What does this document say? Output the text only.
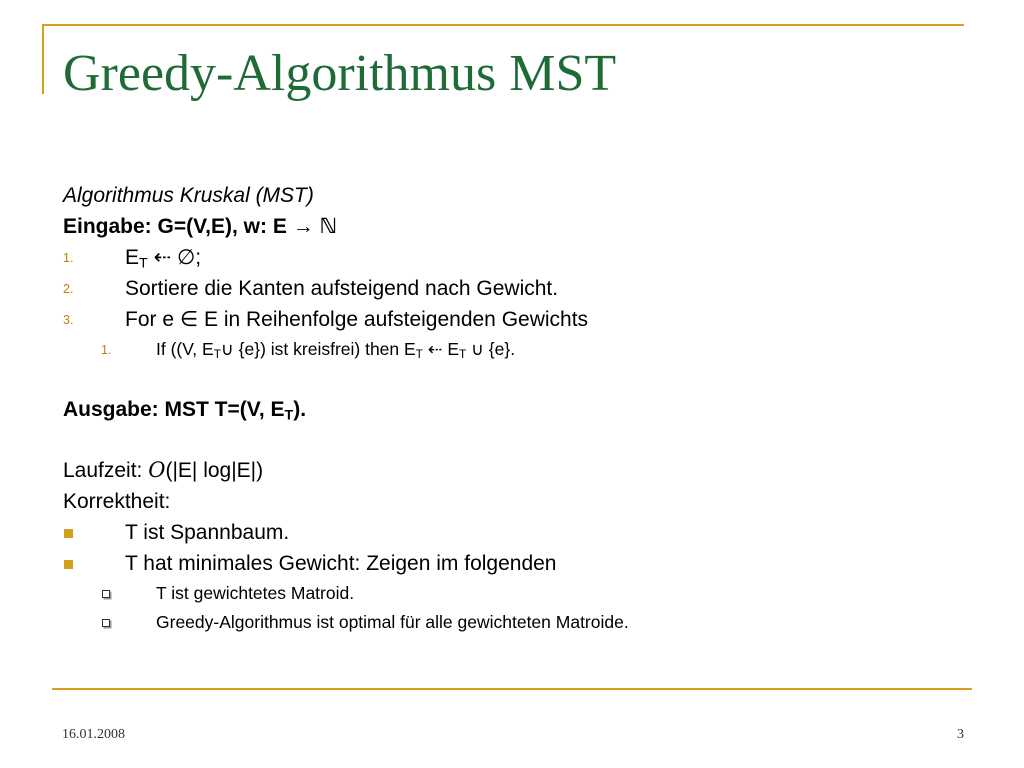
Greedy-Algorithmus MST
Algorithmus Kruskal (MST)
Eingabe: G=(V,E), w: E → ℕ
1. $E_T$ ⇠ ∅;
2. Sortiere die Kanten aufsteigend nach Gewicht.
3. For e ∈ E in Reihenfolge aufsteigenden Gewichts
1.	If ((V, $E_T\cup$ {e}) ist kreisfrei) then $E_T$ ⇠ $E_T$ ∪ {e}.
Ausgabe: MST T=(V, $E_T$).
Laufzeit: O(|E| log|E|)
Korrektheit:
T ist Spannbaum.
T hat minimales Gewicht: Zeigen im folgenden
T ist gewichtetes Matroid.
Greedy-Algorithmus ist optimal für alle gewichteten Matroide.
16.01.2008	3
